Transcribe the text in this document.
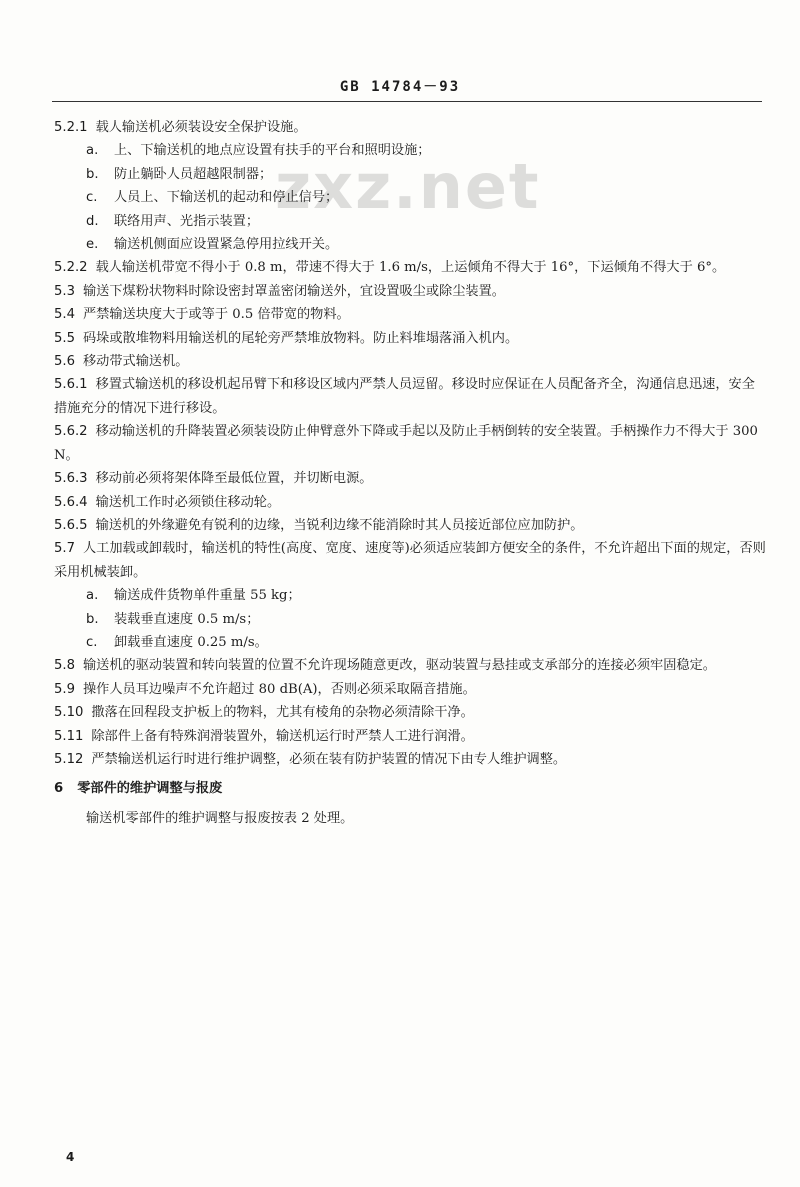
GB 14784－93
zxz.net
5.2.1 载人输送机必须装设安全保护设施。
a. 上、下输送机的地点应设置有扶手的平台和照明设施；
b. 防止躺卧人员超越限制器；
c. 人员上、下输送机的起动和停止信号；
d. 联络用声、光指示装置；
e. 输送机侧面应设置紧急停用拉线开关。
5.2.2 载人输送机带宽不得小于 0.8 m，带速不得大于 1.6 m/s，上运倾角不得大于 16°，下运倾角不得大于 6°。
5.3 输送下煤粉状物料时除设密封罩盖密闭输送外，宜设置吸尘或除尘装置。
5.4 严禁输送块度大于或等于 0.5 倍带宽的物料。
5.5 码垛或散堆物料用输送机的尾轮旁严禁堆放物料。防止料堆塌落涌入机内。
5.6 移动带式输送机。
5.6.1 移置式输送机的移设机起吊臂下和移设区域内严禁人员逗留。移设时应保证在人员配备齐全，沟通信息迅速，安全措施充分的情况下进行移设。
5.6.2 移动输送机的升降装置必须装设防止伸臂意外下降或手起以及防止手柄倒转的安全装置。手柄操作力不得大于 300 N。
5.6.3 移动前必须将架体降至最低位置，并切断电源。
5.6.4 输送机工作时必须锁住移动轮。
5.6.5 输送机的外缘避免有锐利的边缘，当锐利边缘不能消除时其人员接近部位应加防护。
5.7 人工加载或卸载时，输送机的特性(高度、宽度、速度等)必须适应装卸方便安全的条件，不允许超出下面的规定，否则采用机械装卸。
a. 输送成件货物单件重量 55 kg；
b. 装载垂直速度 0.5 m/s；
c. 卸载垂直速度 0.25 m/s。
5.8 输送机的驱动装置和转向装置的位置不允许现场随意更改，驱动装置与悬挂或支承部分的连接必须牢固稳定。
5.9 操作人员耳边噪声不允许超过 80 dB(A)，否则必须采取隔音措施。
5.10 撒落在回程段支护板上的物料，尤其有棱角的杂物必须清除干净。
5.11 除部件上备有特殊润滑装置外，输送机运行时严禁人工进行润滑。
5.12 严禁输送机运行时进行维护调整，必须在装有防护装置的情况下由专人维护调整。
6 零部件的维护调整与报废
输送机零部件的维护调整与报废按表 2 处理。
4
